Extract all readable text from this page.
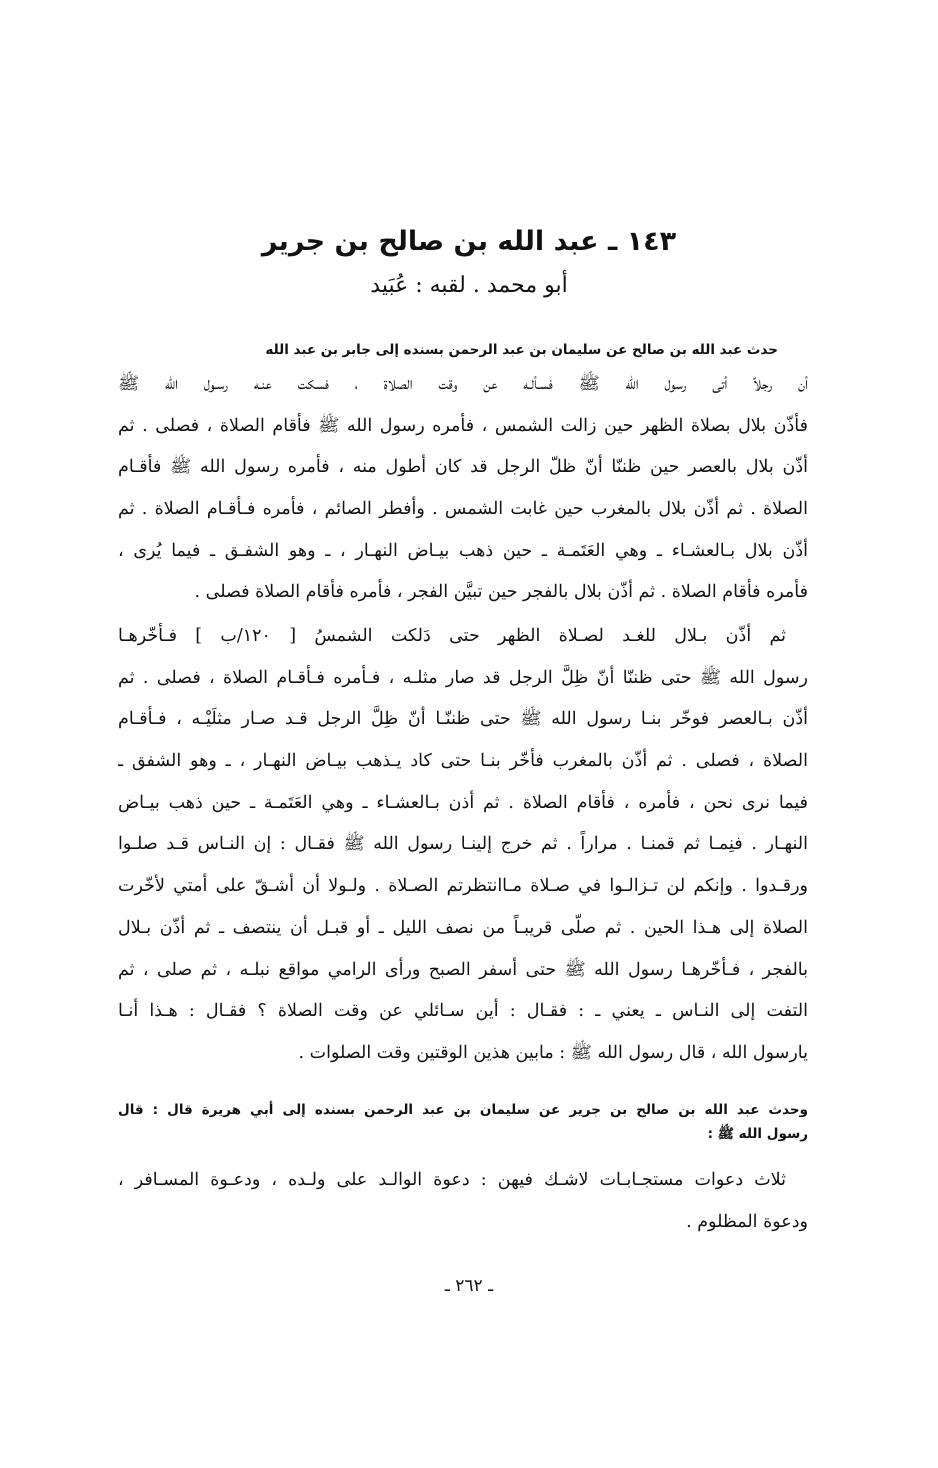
١٤٣ ـ عبد الله بن صالح بن جرير
أبو محمد . لقبه : عُبَيد
حدث عبد الله بن صالح عن سليمان بن عبد الرحمن بسنده إلى جابر بن عبد الله
أن رجلاً أتى رسول الله ﷺ فسـألـه عن وقت الصلاة ، فسكت عنـه رسـول الله ﷺ
فأذّن بلال بصلاة الظهر حين زالت الشمس ، فأمره رسول الله ﷺ فأقام الصلاة ، فصلى . ثم
أذّن بلال بالعصر حين ظننّا أنّ ظلّ الرجل قد كان أطول منه ، فأمره رسول الله ﷺ فأقـام
الصلاة . ثم أذّن بلال بالمغرب حين غابت الشمس . وأفطر الصائم ، فأمره فـأقـام الصلاة . ثم
أذّن بلال بـالعشـاء ـ وهي العَتَمـة ـ حين ذهب بيـاض النهـار ، ـ وهو الشفـق ـ فيما يُرى ،
فأمره فأقام الصلاة . ثم أذّن بلال بالفجر حين تبيَّن الفجر ، فأمره فأقام الصلاة فصلى .
ثم أذّن بـلال للغـد لصـلاة الظهر حتى دَلكت الشمسُ [ ١٢٠/ب ] فـأخّرهـا
رسول الله ﷺ حتى ظننّا أنّ ظِلَّ الرجل قد صار مثلـه ، فـأمره فـأقـام الصلاة ، فصلى . ثم
أذّن بـالعصر فوخّر بنـا رسول الله ﷺ حتى ظننّـا أنّ ظِلَّ الرجل قـد صـار مثلَيْـه ، فـأقـام
الصلاة ، فصلى . ثم أذّن بالمغرب فأخّر بنـا حتى كاد يـذهب بيـاض النهـار ، ـ وهو الشفق ـ
فيما نرى نحن ، فأمره ، فأقام الصلاة . ثم أذن بـالعشـاء ـ وهي العَتَمـة ـ حين ذهب بيـاض
النهـار . فنِمـا ثم قمنـا . مراراً . ثم خرج إلينـا رسول الله ﷺ فقـال : إن النـاس قـد صلـوا
ورقـدوا . وإنكم لن تـزالـوا في صـلاة مـاانتظرتم الصـلاة . ولـولا أن أشـقّ على أمتي لأخّرت
الصلاة إلى هـذا الحين . ثم صلّى قريبـاً من نصف الليل ـ أو قبـل أن ينتصف ـ ثم أذّن بـلال
بالفجر ، فـأخّرهـا رسول الله ﷺ حتى أسفر الصبح ورأى الرامي مواقع نبلـه ، ثم صلى ، ثم
التفت إلى النـاس ـ يعني ـ : فقـال : أين سـائلي عن وقت الصلاة ؟ فقـال : هـذا أنـا
يارسول الله ، قال رسول الله ﷺ : مابين هذين الوقتين وقت الصلوات .
وحدث عبد الله بن صالح بن جرير عن سليمان بن عبد الرحمن بسنده إلى أبي هريرة قال : قال
رسول الله ﷺ :
ثلاث دعوات مستجـابـات لاشـك فيهن : دعوة الوالـد على ولـده ، ودعـوة المسـافر ،
ودعوة المظلوم .
ـ ٢٦٢ ـ
